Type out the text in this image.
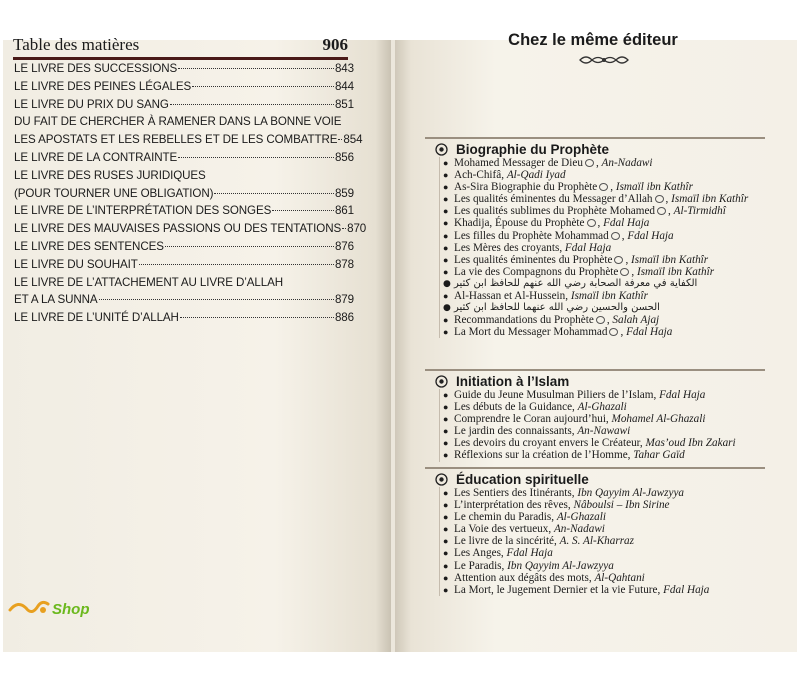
Table des matières	906
LE LIVRE DES SUCCESSIONS	843
LE LIVRE DES PEINES LÉGALES	844
LE LIVRE DU PRIX DU SANG	851
DU FAIT DE CHERCHER À RAMENER DANS LA BONNE VOIE
LES APOSTATS ET LES REBELLES ET DE LES COMBATTRE 854
LE LIVRE DE LA CONTRAINTE	856
LE LIVRE DES RUSES JURIDIQUES
(POUR TOURNER UNE OBLIGATION)	859
LE LIVRE DE L’INTERPRÉTATION DES SONGES	861
LE LIVRE DES MAUVAISES PASSIONS OU DES TENTATIONS 870
LE LIVRE DES SENTENCES	876
LE LIVRE DU SOUHAIT	878
LE LIVRE DE L’ATTACHEMENT AU LIVRE D’ALLAH
ET A LA SUNNA	879
LE LIVRE DE L’UNITÉ D’ALLAH	886
Chez le même éditeur
Biographie du Prophète
● Mohamed Messager de Dieu , An-Nadawi
● Ach-Chifâ, Al-Qadi Iyad
● As-Sira Biographie du Prophète , Ismaïl ibn Kathîr
● Les qualités éminentes du Messager d’Allah , Ismaïl ibn Kathîr
● Les qualités sublimes du Prophète Mohamed , Al-Tirmidhî
● Khadija, Épouse du Prophète , Fdal Haja
● Les filles du Prophète Mohammad , Fdal Haja
● Les Mères des croyants, Fdal Haja
● Les qualités éminentes du Prophète , Ismaïl ibn Kathîr
● La vie des Compagnons du Prophète , Ismaïl ibn Kathîr
● الكفاية في معرفة الصحابة رضي الله عنهم للحافظ ابن كثير
● Al-Hassan et Al-Hussein, Ismaïl ibn Kathîr
● الحسن والحسين رضي الله عنهما للحافظ ابن كثير
● Recommandations du Prophète , Salah Ajaj
● La Mort du Messager Mohammad , Fdal Haja
Initiation à l’Islam
● Guide du Jeune Musulman Piliers de l’Islam, Fdal Haja
● Les débuts de la Guidance, Al-Ghazali
● Comprendre le Coran aujourd’hui, Mohamel Al-Ghazali
● Le jardin des connaissants, An-Nawawi
● Les devoirs du croyant envers le Créateur, Mas’oud Ibn Zakari
● Réflexions sur la création de l’Homme, Tahar Gaïd
Éducation spirituelle
● Les Sentiers des Itinérants, Ibn Qayyim Al-Jawzyya
● L’interprétation des rêves, Nâboulsi – Ibn Sirine
● Le chemin du Paradis, Al-Ghazali
● La Voie des vertueux, An-Nadawi
● Le livre de la sincérité, A. S. Al-Kharraz
● Les Anges, Fdal Haja
● Le Paradis, Ibn Qayyim Al-Jawzyya
● Attention aux dégâts des mots, Al-Qahtani
● La Mort, le Jugement Dernier et la vie Future, Fdal Haja
Shop
